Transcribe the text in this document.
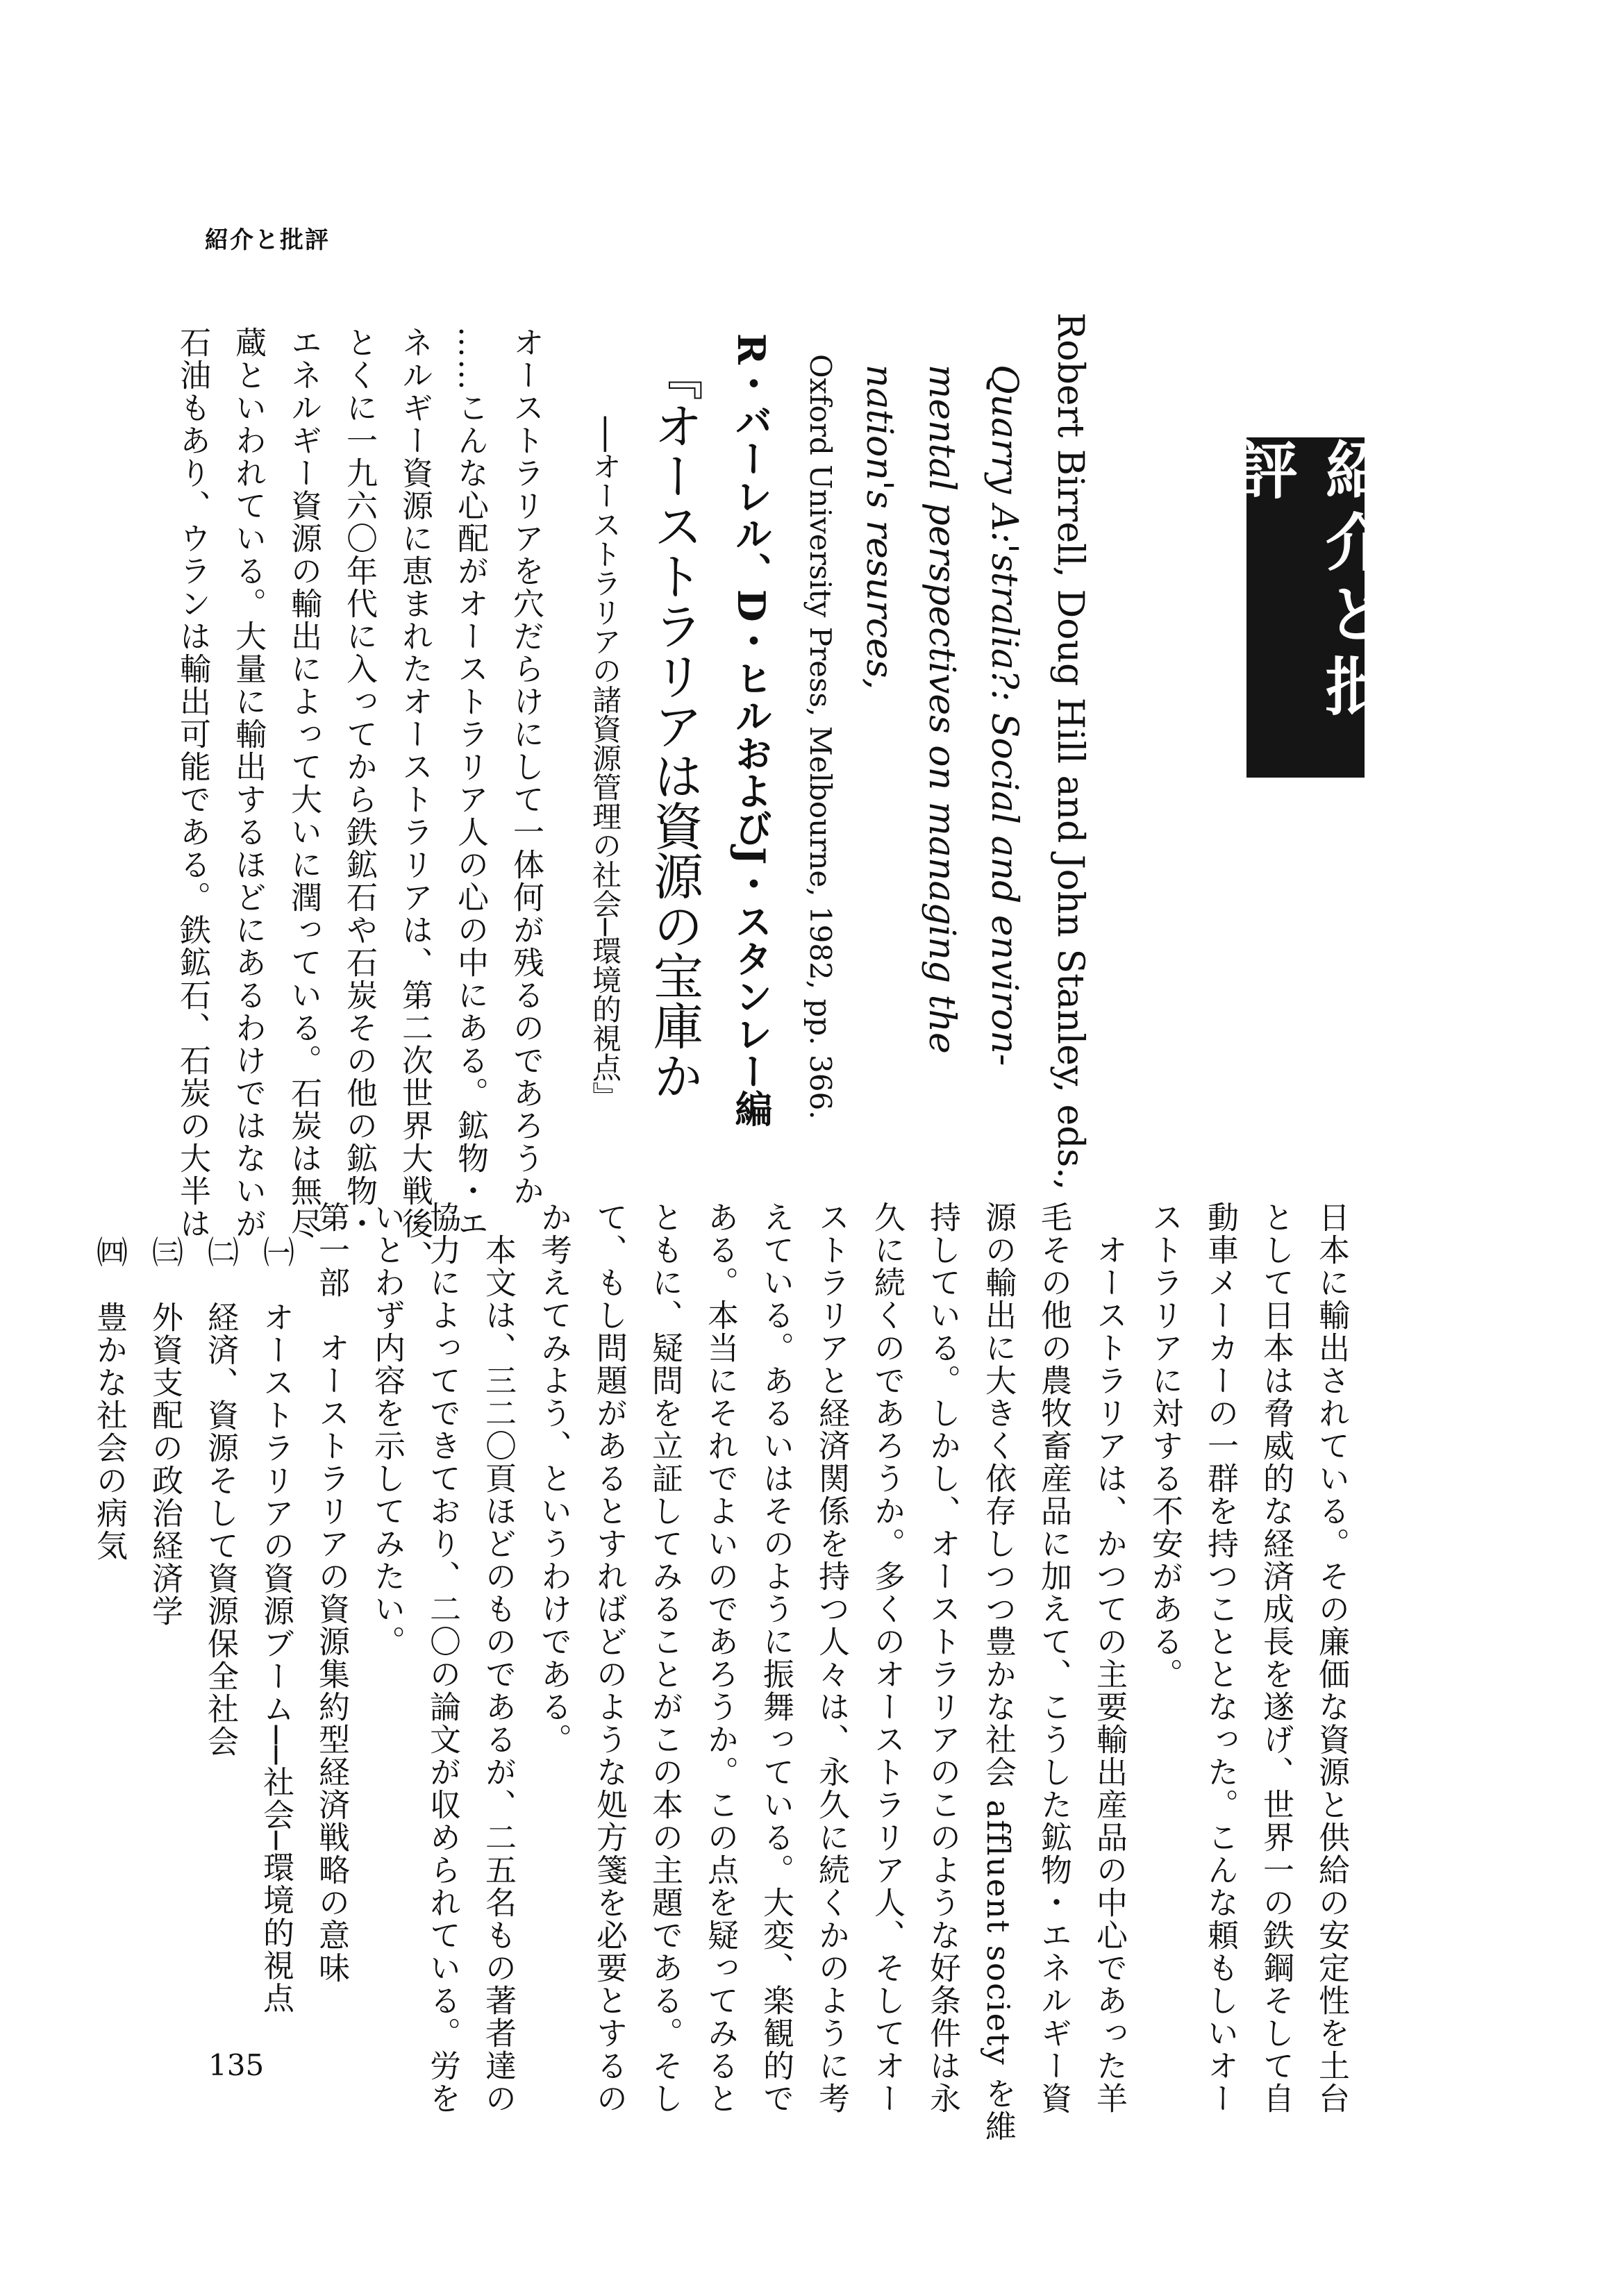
紹介と批評
紹介と批評
Robert Birrell, Doug Hill and John Stanley, eds.,
Quarry A:'stralia?: Social and environ-
mental perspectives on managing the
nation's resurces,
Oxford University Press, Melbourne, 1982, pp. 366.
R・バーレル、D・ヒルおよびJ・スタンレー編
『オーストラリアは資源の宝庫か
──オーストラリアの諸資源管理の社会─環境的視点』
オーストラリアを穴だらけにして一体何が残るのであろうか
……こんな心配がオーストラリア人の心の中にある。鉱物・エ
ネルギー資源に恵まれたオーストラリアは、第二次世界大戦後、
とくに一九六〇年代に入ってから鉄鉱石や石炭その他の鉱物・
エネルギー資源の輸出によって大いに潤っている。石炭は無尽
蔵といわれている。大量に輸出するほどにあるわけではないが
石油もあり、ウランは輸出可能である。鉄鉱石、石炭の大半は
日本に輸出されている。その廉価な資源と供給の安定性を土台
として日本は脅威的な経済成長を遂げ、世界一の鉄鋼そして自
動車メーカーの一群を持つこととなった。こんな頼もしいオー
ストラリアに対する不安がある。
　オーストラリアは、かつての主要輸出産品の中心であった羊
毛その他の農牧畜産品に加えて、こうした鉱物・エネルギー資
源の輸出に大きく依存しつつ豊かな社会 affluent society を維
持している。しかし、オーストラリアのこのような好条件は永
久に続くのであろうか。多くのオーストラリア人、そしてオー
ストラリアと経済関係を持つ人々は、永久に続くかのように考
えている。あるいはそのように振舞っている。大変、楽観的で
ある。本当にそれでよいのであろうか。この点を疑ってみると
ともに、疑問を立証してみることがこの本の主題である。そし
て、もし問題があるとすればどのような処方箋を必要とするの
か考えてみよう、というわけである。
　本文は、三二〇頁ほどのものであるが、二五名もの著者達の
協力によってできており、二〇の論文が収められている。労を
いとわず内容を示してみたい。
第一部　オーストラリアの資源集約型経済戦略の意味
㈠　オーストラリアの資源ブーム──社会─環境的視点
㈡　経済、資源そして資源保全社会
㈢　外資支配の政治経済学
㈣　豊かな社会の病気
135
